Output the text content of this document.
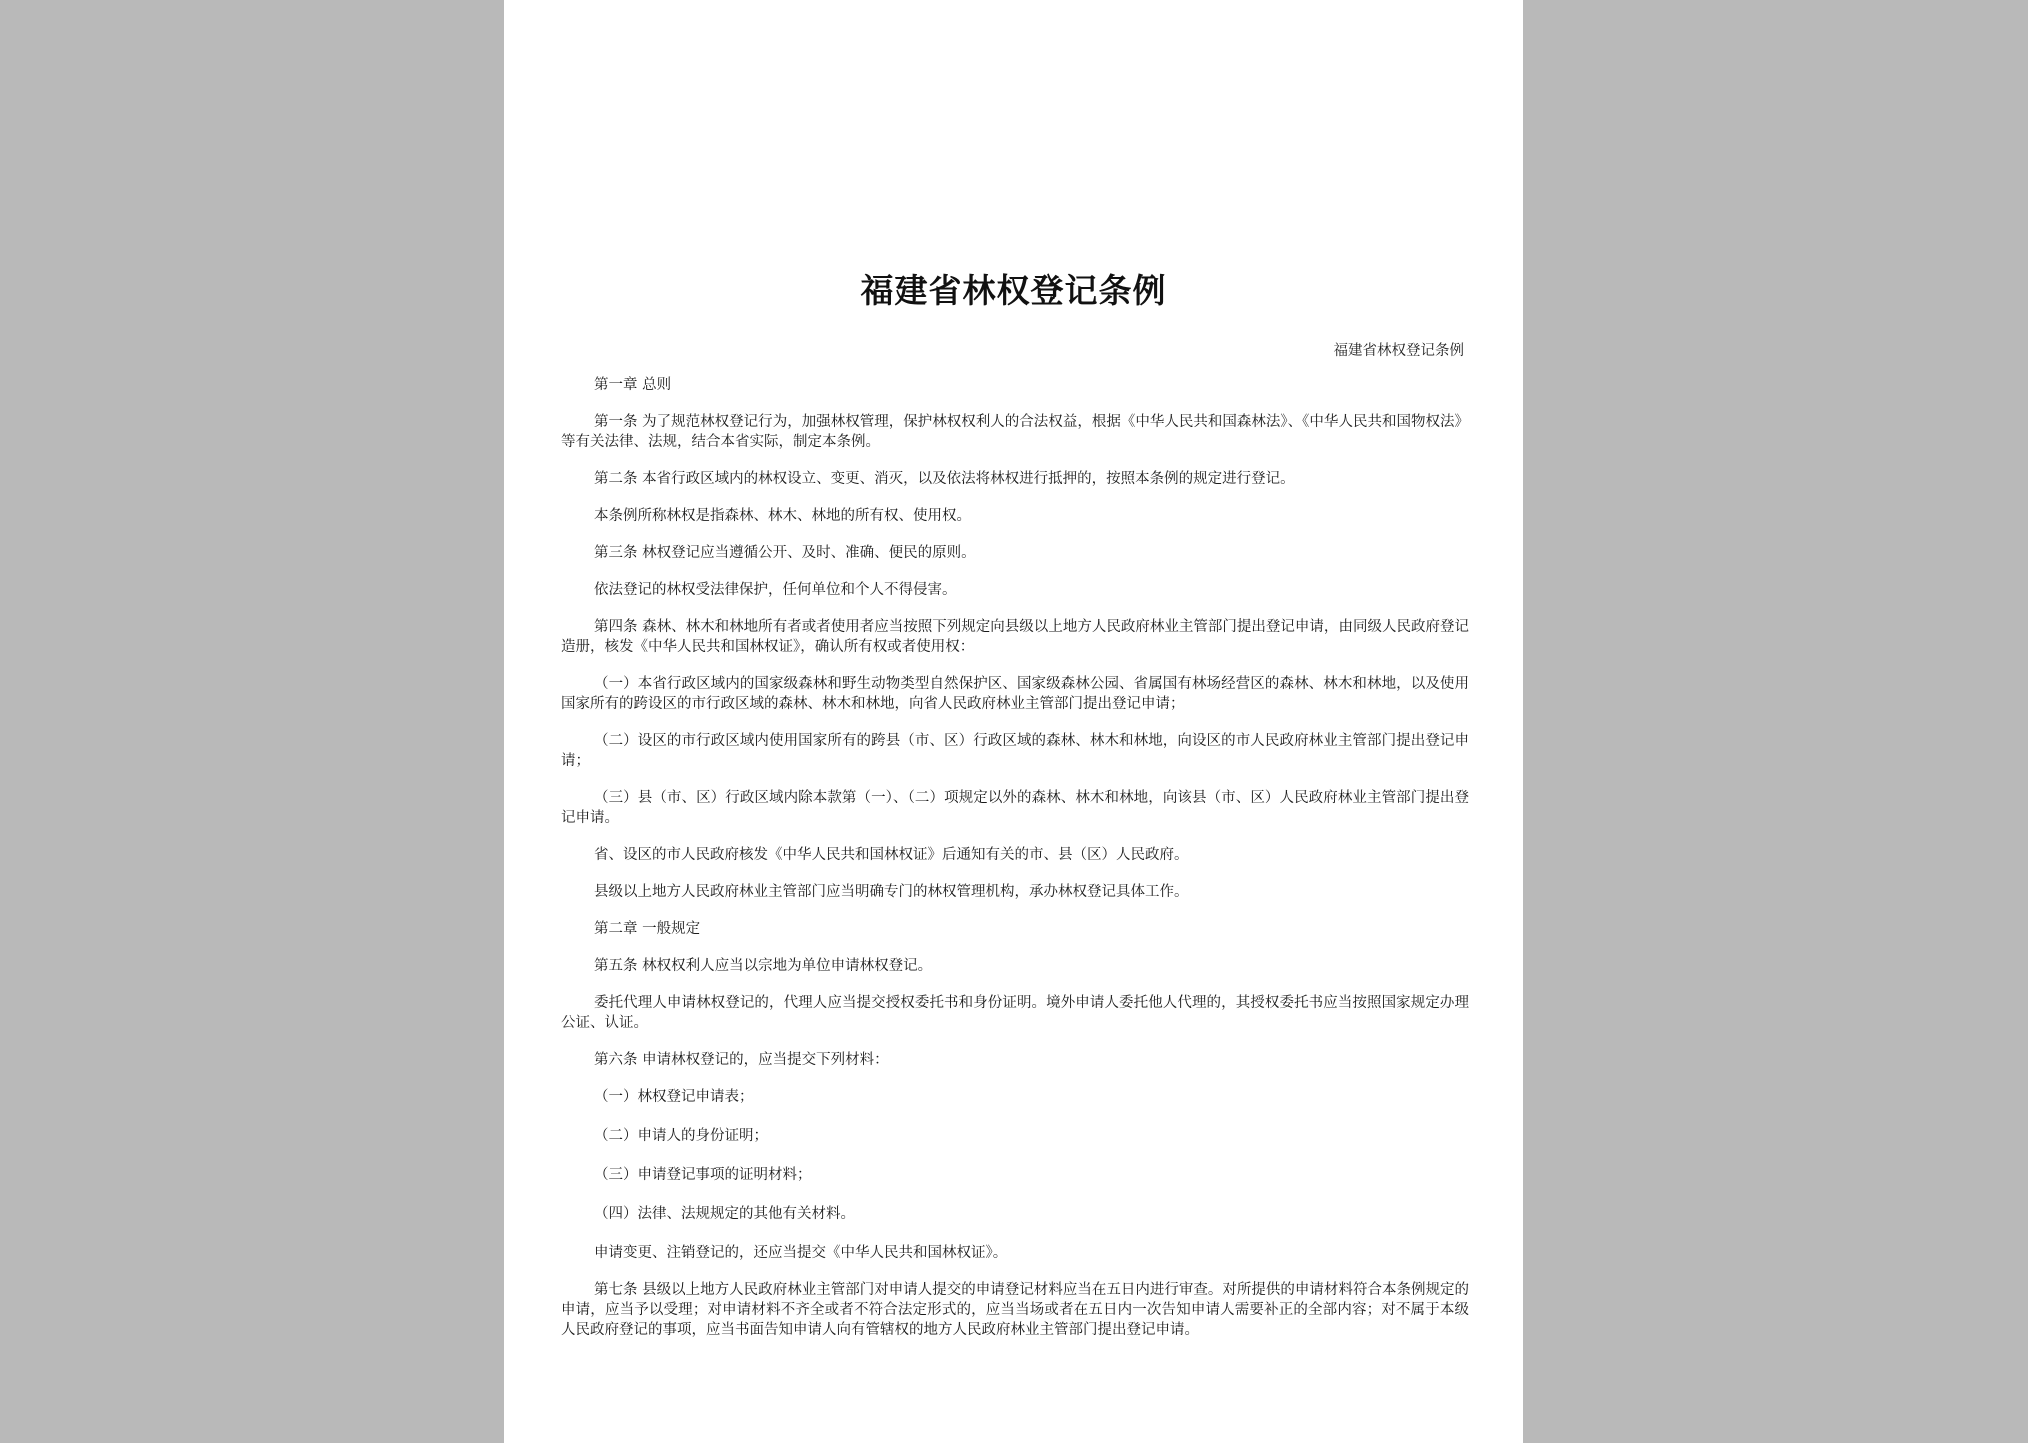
福建省林权登记条例
福建省林权登记条例

第一章 总则

第一条 为了规范林权登记行为，加强林权管理，保护林权权利人的合法权益，根据《中华人民共和国森林法》、《中华人民共和国物权法》等有关法律、法规，结合本省实际，制定本条例。

第二条 本省行政区域内的林权设立、变更、消灭，以及依法将林权进行抵押的，按照本条例的规定进行登记。

本条例所称林权是指森林、林木、林地的所有权、使用权。

第三条 林权登记应当遵循公开、及时、准确、便民的原则。

依法登记的林权受法律保护，任何单位和个人不得侵害。

第四条 森林、林木和林地所有者或者使用者应当按照下列规定向县级以上地方人民政府林业主管部门提出登记申请，由同级人民政府登记造册，核发《中华人民共和国林权证》，确认所有权或者使用权：

（一）本省行政区域内的国家级森林和野生动物类型自然保护区、国家级森林公园、省属国有林场经营区的森林、林木和林地，以及使用国家所有的跨设区的市行政区域的森林、林木和林地，向省人民政府林业主管部门提出登记申请；

（二）设区的市行政区域内使用国家所有的跨县（市、区）行政区域的森林、林木和林地，向设区的市人民政府林业主管部门提出登记申请；

（三）县（市、区）行政区域内除本款第（一）、（二）项规定以外的森林、林木和林地，向该县（市、区）人民政府林业主管部门提出登记申请。

省、设区的市人民政府核发《中华人民共和国林权证》后通知有关的市、县（区）人民政府。

县级以上地方人民政府林业主管部门应当明确专门的林权管理机构，承办林权登记具体工作。

第二章 一般规定

第五条 林权权利人应当以宗地为单位申请林权登记。

委托代理人申请林权登记的，代理人应当提交授权委托书和身份证明。境外申请人委托他人代理的，其授权委托书应当按照国家规定办理公证、认证。

第六条 申请林权登记的，应当提交下列材料：

（一）林权登记申请表；

（二）申请人的身份证明；

（三）申请登记事项的证明材料；

（四）法律、法规规定的其他有关材料。

申请变更、注销登记的，还应当提交《中华人民共和国林权证》。

第七条 县级以上地方人民政府林业主管部门对申请人提交的申请登记材料应当在五日内进行审查。对所提供的申请材料符合本条例规定的申请，应当予以受理；对申请材料不齐全或者不符合法定形式的，应当当场或者在五日内一次告知申请人需要补正的全部内容；对不属于本级人民政府登记的事项，应当书面告知申请人向有管辖权的地方人民政府林业主管部门提出登记申请。
